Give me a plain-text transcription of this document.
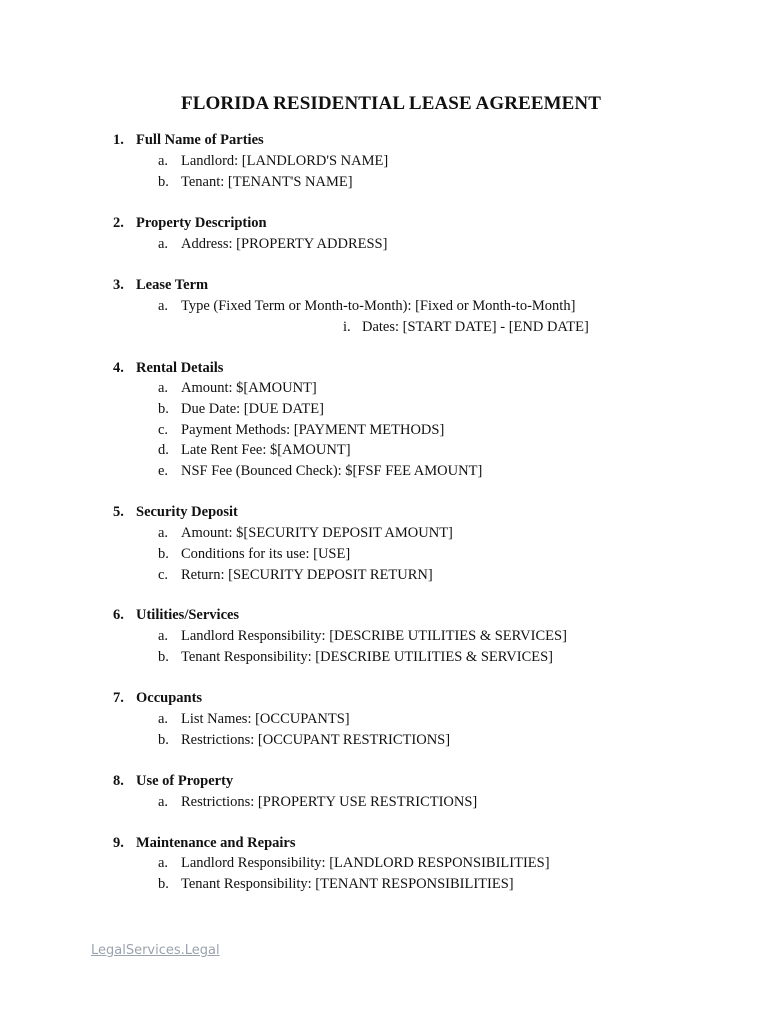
FLORIDA RESIDENTIAL LEASE AGREEMENT
1. Full Name of Parties
a. Landlord: [LANDLORD'S NAME]
b. Tenant: [TENANT'S NAME]
2. Property Description
a. Address: [PROPERTY ADDRESS]
3. Lease Term
a. Type (Fixed Term or Month-to-Month): [Fixed or Month-to-Month]
i. Dates: [START DATE] - [END DATE]
4. Rental Details
a. Amount: $[AMOUNT]
b. Due Date: [DUE DATE]
c. Payment Methods: [PAYMENT METHODS]
d. Late Rent Fee: $[AMOUNT]
e. NSF Fee (Bounced Check): $[FSF FEE AMOUNT]
5. Security Deposit
a. Amount: $[SECURITY DEPOSIT AMOUNT]
b. Conditions for its use: [USE]
c. Return: [SECURITY DEPOSIT RETURN]
6. Utilities/Services
a. Landlord Responsibility: [DESCRIBE UTILITIES & SERVICES]
b. Tenant Responsibility: [DESCRIBE UTILITIES & SERVICES]
7. Occupants
a. List Names: [OCCUPANTS]
b. Restrictions: [OCCUPANT RESTRICTIONS]
8. Use of Property
a. Restrictions: [PROPERTY USE RESTRICTIONS]
9. Maintenance and Repairs
a. Landlord Responsibility: [LANDLORD RESPONSIBILITIES]
b. Tenant Responsibility: [TENANT RESPONSIBILITIES]
LegalServices.Legal
